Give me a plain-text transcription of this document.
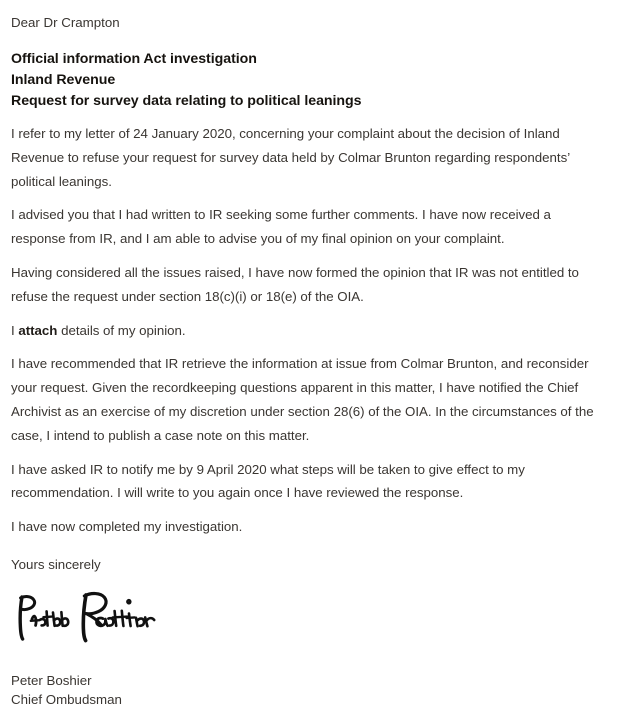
Dear Dr Crampton

Official information Act investigation
Inland Revenue
Request for survey data relating to political leanings

I refer to my letter of 24 January 2020, concerning your complaint about the decision of Inland Revenue to refuse your request for survey data held by Colmar Brunton regarding respondents’ political leanings.

I advised you that I had written to IR seeking some further comments. I have now received a response from IR, and I am able to advise you of my final opinion on your complaint.

Having considered all the issues raised, I have now formed the opinion that IR was not entitled to refuse the request under section 18(c)(i) or 18(e) of the OIA.

I attach details of my opinion.

I have recommended that IR retrieve the information at issue from Colmar Brunton, and reconsider your request. Given the recordkeeping questions apparent in this matter, I have notified the Chief Archivist as an exercise of my discretion under section 28(6) of the OIA. In the circumstances of the case, I intend to publish a case note on this matter.

I have asked IR to notify me by 9 April 2020 what steps will be taken to give effect to my recommendation. I will write to you again once I have reviewed the response.

I have now completed my investigation.

Yours sincerely

Peter Boshier
Chief Ombudsman
